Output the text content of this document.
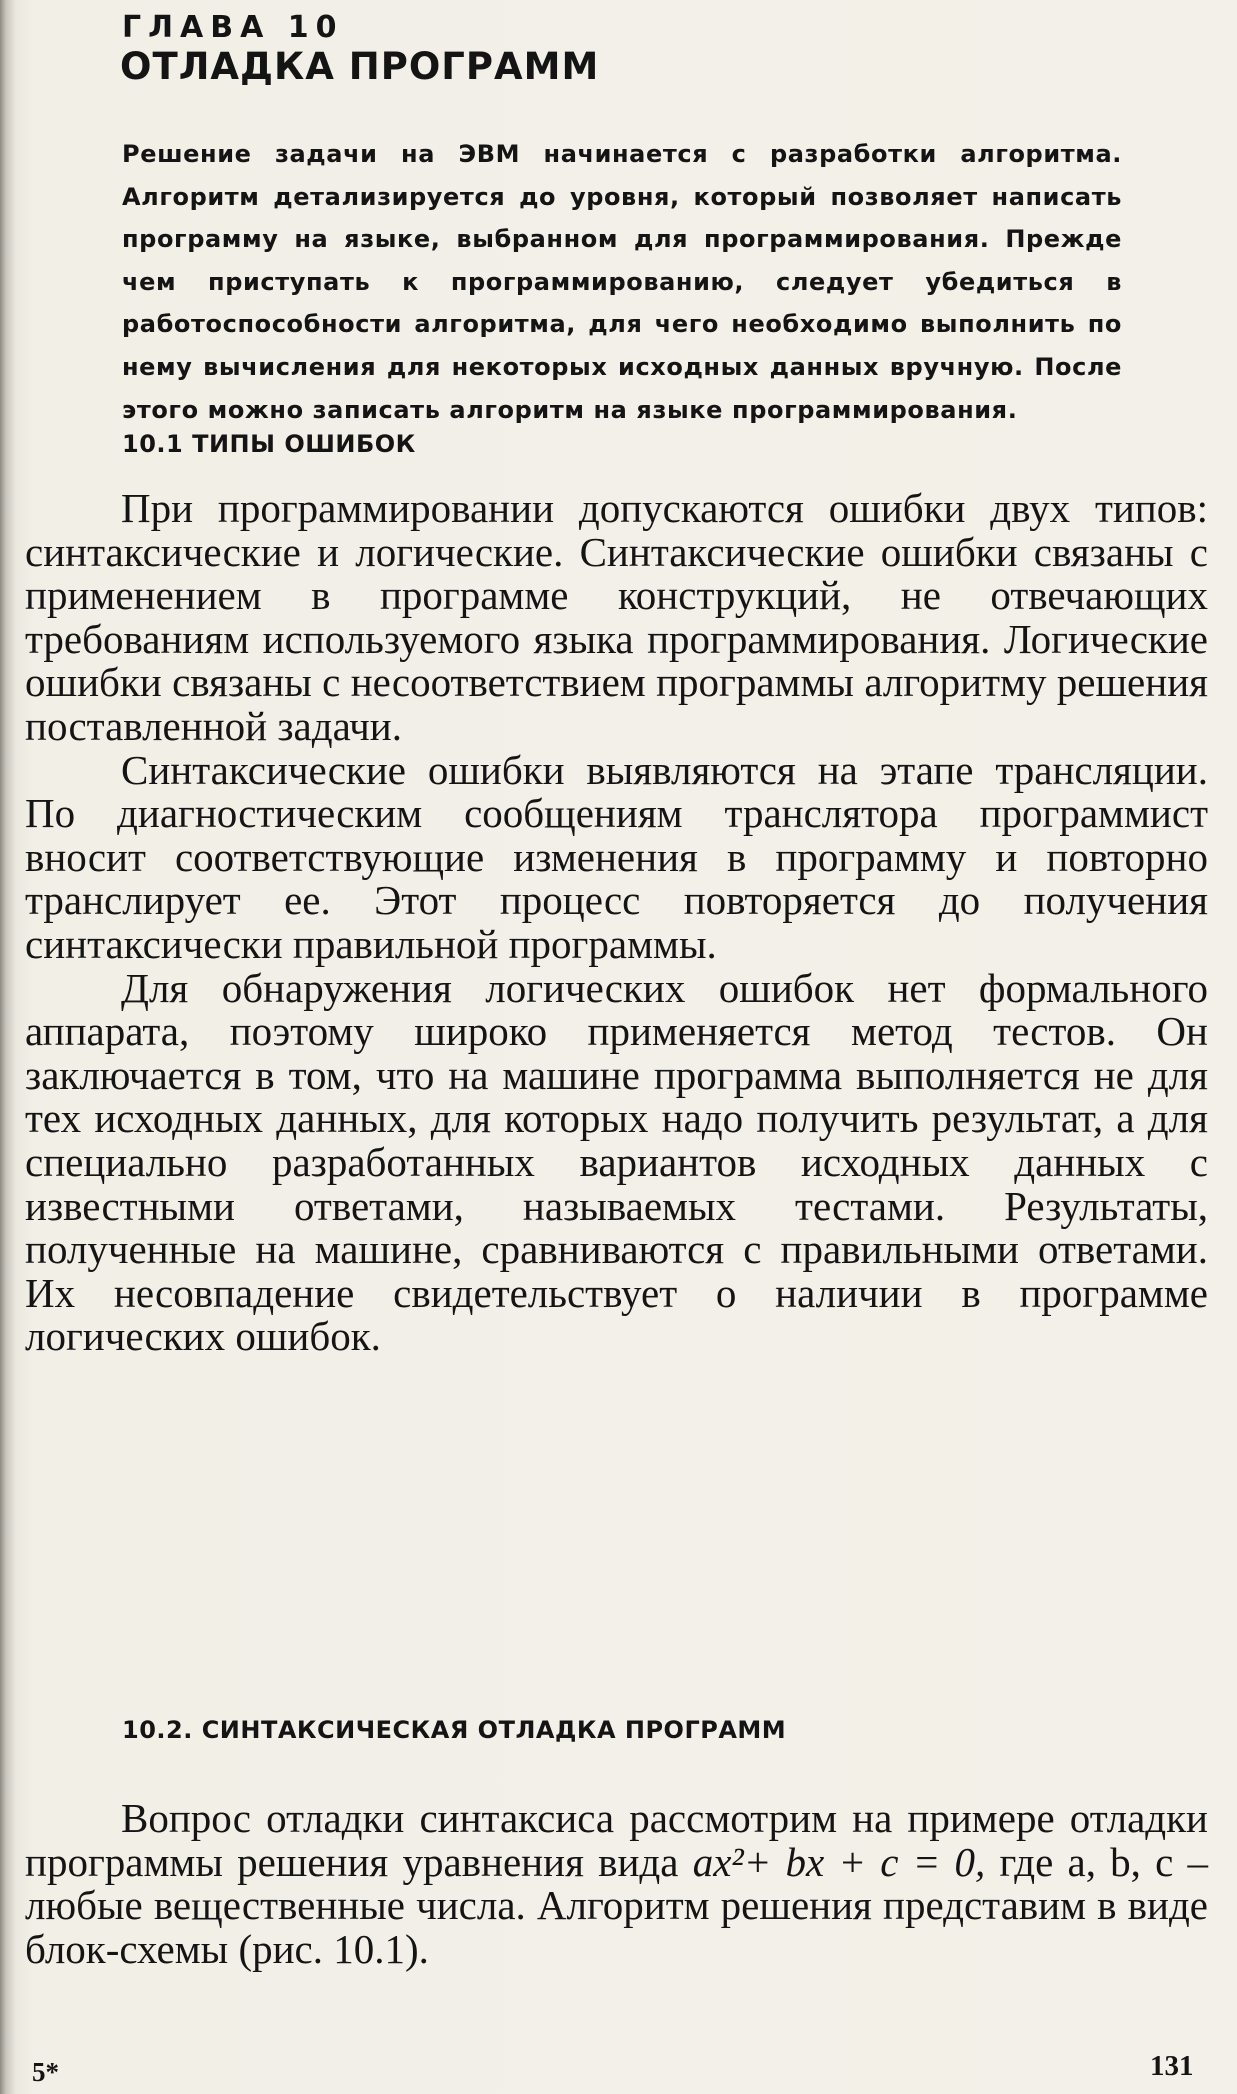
ГЛАВА 10
ОТЛАДКА ПРОГРАММ
Решение задачи на ЭВМ начинается с разработки алгоритма. Алгоритм детализируется до уровня, который позволяет написать программу на языке, выбранном для программирования. Прежде чем приступать к программированию, следует убедиться в работоспособности алгоритма, для чего необходимо выполнить по нему вычисления для некоторых исходных данных вручную. После этого можно записать алгоритм на языке программирования.
10.1 ТИПЫ ОШИБОК

При программировании допускаются ошибки двух типов: синтаксические и логические. Синтаксические ошибки связаны с применением в программе конструкций, не отвечающих требованиям используемого языка программирования. Логические ошибки связаны с несоответствием программы алгоритму решения поставленной задачи.

Синтаксические ошибки выявляются на этапе трансляции. По диагностическим сообщениям транслятора программист вносит соответствующие изменения в программу и повторно транслирует ее. Этот процесс повторяется до получения синтаксически правильной программы.

Для обнаружения логических ошибок нет формального аппарата, поэтому широко применяется метод тестов. Он заключается в том, что на машине программа выполняется не для тех исходных данных, для которых надо получить результат, а для специально разработанных вариантов исходных данных с известными ответами, называемых тестами. Результаты, полученные на машине, сравниваются с правильными ответами. Их несовпадение свидетельствует о наличии в программе логических ошибок.

10.2. СИНТАКСИЧЕСКАЯ ОТЛАДКА ПРОГРАММ

Вопрос отладки синтаксиса рассмотрим на примере отладки программы решения уравнения вида ax²+ bx + c = 0, где a, b, c – любые вещественные числа. Алгоритм решения представим в виде блок-схемы (рис. 10.1).

5*	131
